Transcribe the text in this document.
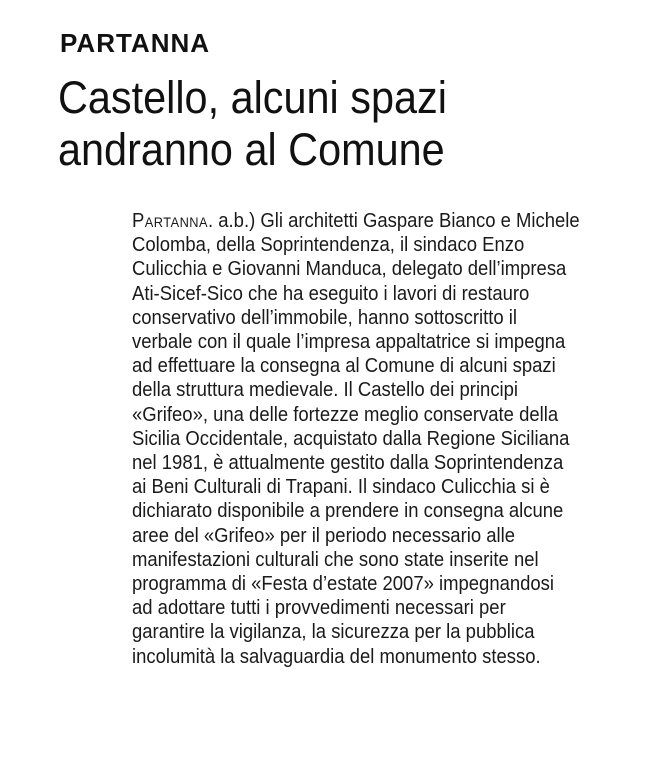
PARTANNA
Castello, alcuni spazi
andranno al Comune
Partanna. a.b.) Gli architetti Gaspare Bianco e Michele
Colomba, della Soprintendenza, il sindaco Enzo
Culicchia e Giovanni Manduca, delegato dell’impresa
Ati-Sicef-Sico che ha eseguito i lavori di restauro
conservativo dell’immobile, hanno sottoscritto il
verbale con il quale l’impresa appaltatrice si impegna
ad effettuare la consegna al Comune di alcuni spazi
della struttura medievale. Il Castello dei principi
«Grifeo», una delle fortezze meglio conservate della
Sicilia Occidentale, acquistato dalla Regione Siciliana
nel 1981, è attualmente gestito dalla Soprintendenza
ai Beni Culturali di Trapani. Il sindaco Culicchia si è
dichiarato disponibile a prendere in consegna alcune
aree del «Grifeo» per il periodo necessario alle
manifestazioni culturali che sono state inserite nel
programma di «Festa d’estate 2007» impegnandosi
ad adottare tutti i provvedimenti necessari per
garantire la vigilanza, la sicurezza per la pubblica
incolumità la salvaguardia del monumento stesso.
